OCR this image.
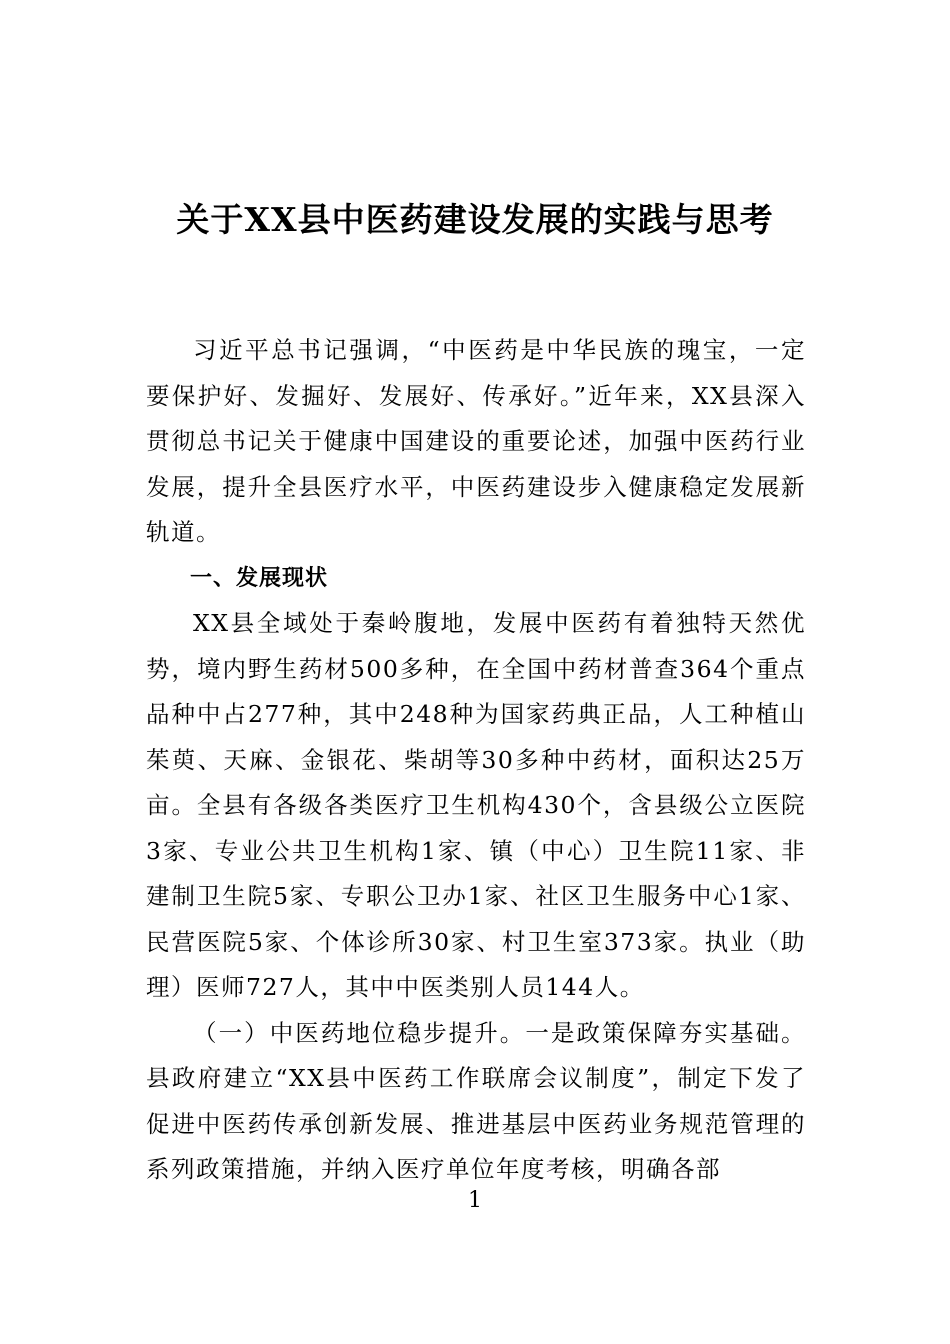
关于XX县中医药建设发展的实践与思考

习近平总书记强调，“中医药是中华民族的瑰宝，一定要保护好、发掘好、发展好、传承好。”近年来，XX县深入贯彻总书记关于健康中国建设的重要论述，加强中医药行业发展，提升全县医疗水平，中医药建设步入健康稳定发展新轨道。

一、发展现状

XX县全域处于秦岭腹地，发展中医药有着独特天然优势，境内野生药材500多种，在全国中药材普查364个重点品种中占277种，其中248种为国家药典正品，人工种植山茱萸、天麻、金银花、柴胡等30多种中药材，面积达25万亩。全县有各级各类医疗卫生机构430个，含县级公立医院3家、专业公共卫生机构1家、镇（中心）卫生院11家、非建制卫生院5家、专职公卫办1家、社区卫生服务中心1家、民营医院5家、个体诊所30家、村卫生室373家。执业（助理）医师727人，其中中医类别人员144人。

（一）中医药地位稳步提升。一是政策保障夯实基础。县政府建立“XX县中医药工作联席会议制度”，制定下发了促进中医药传承创新发展、推进基层中医药业务规范管理的系列政策措施，并纳入医疗单位年度考核，明确各部

1
